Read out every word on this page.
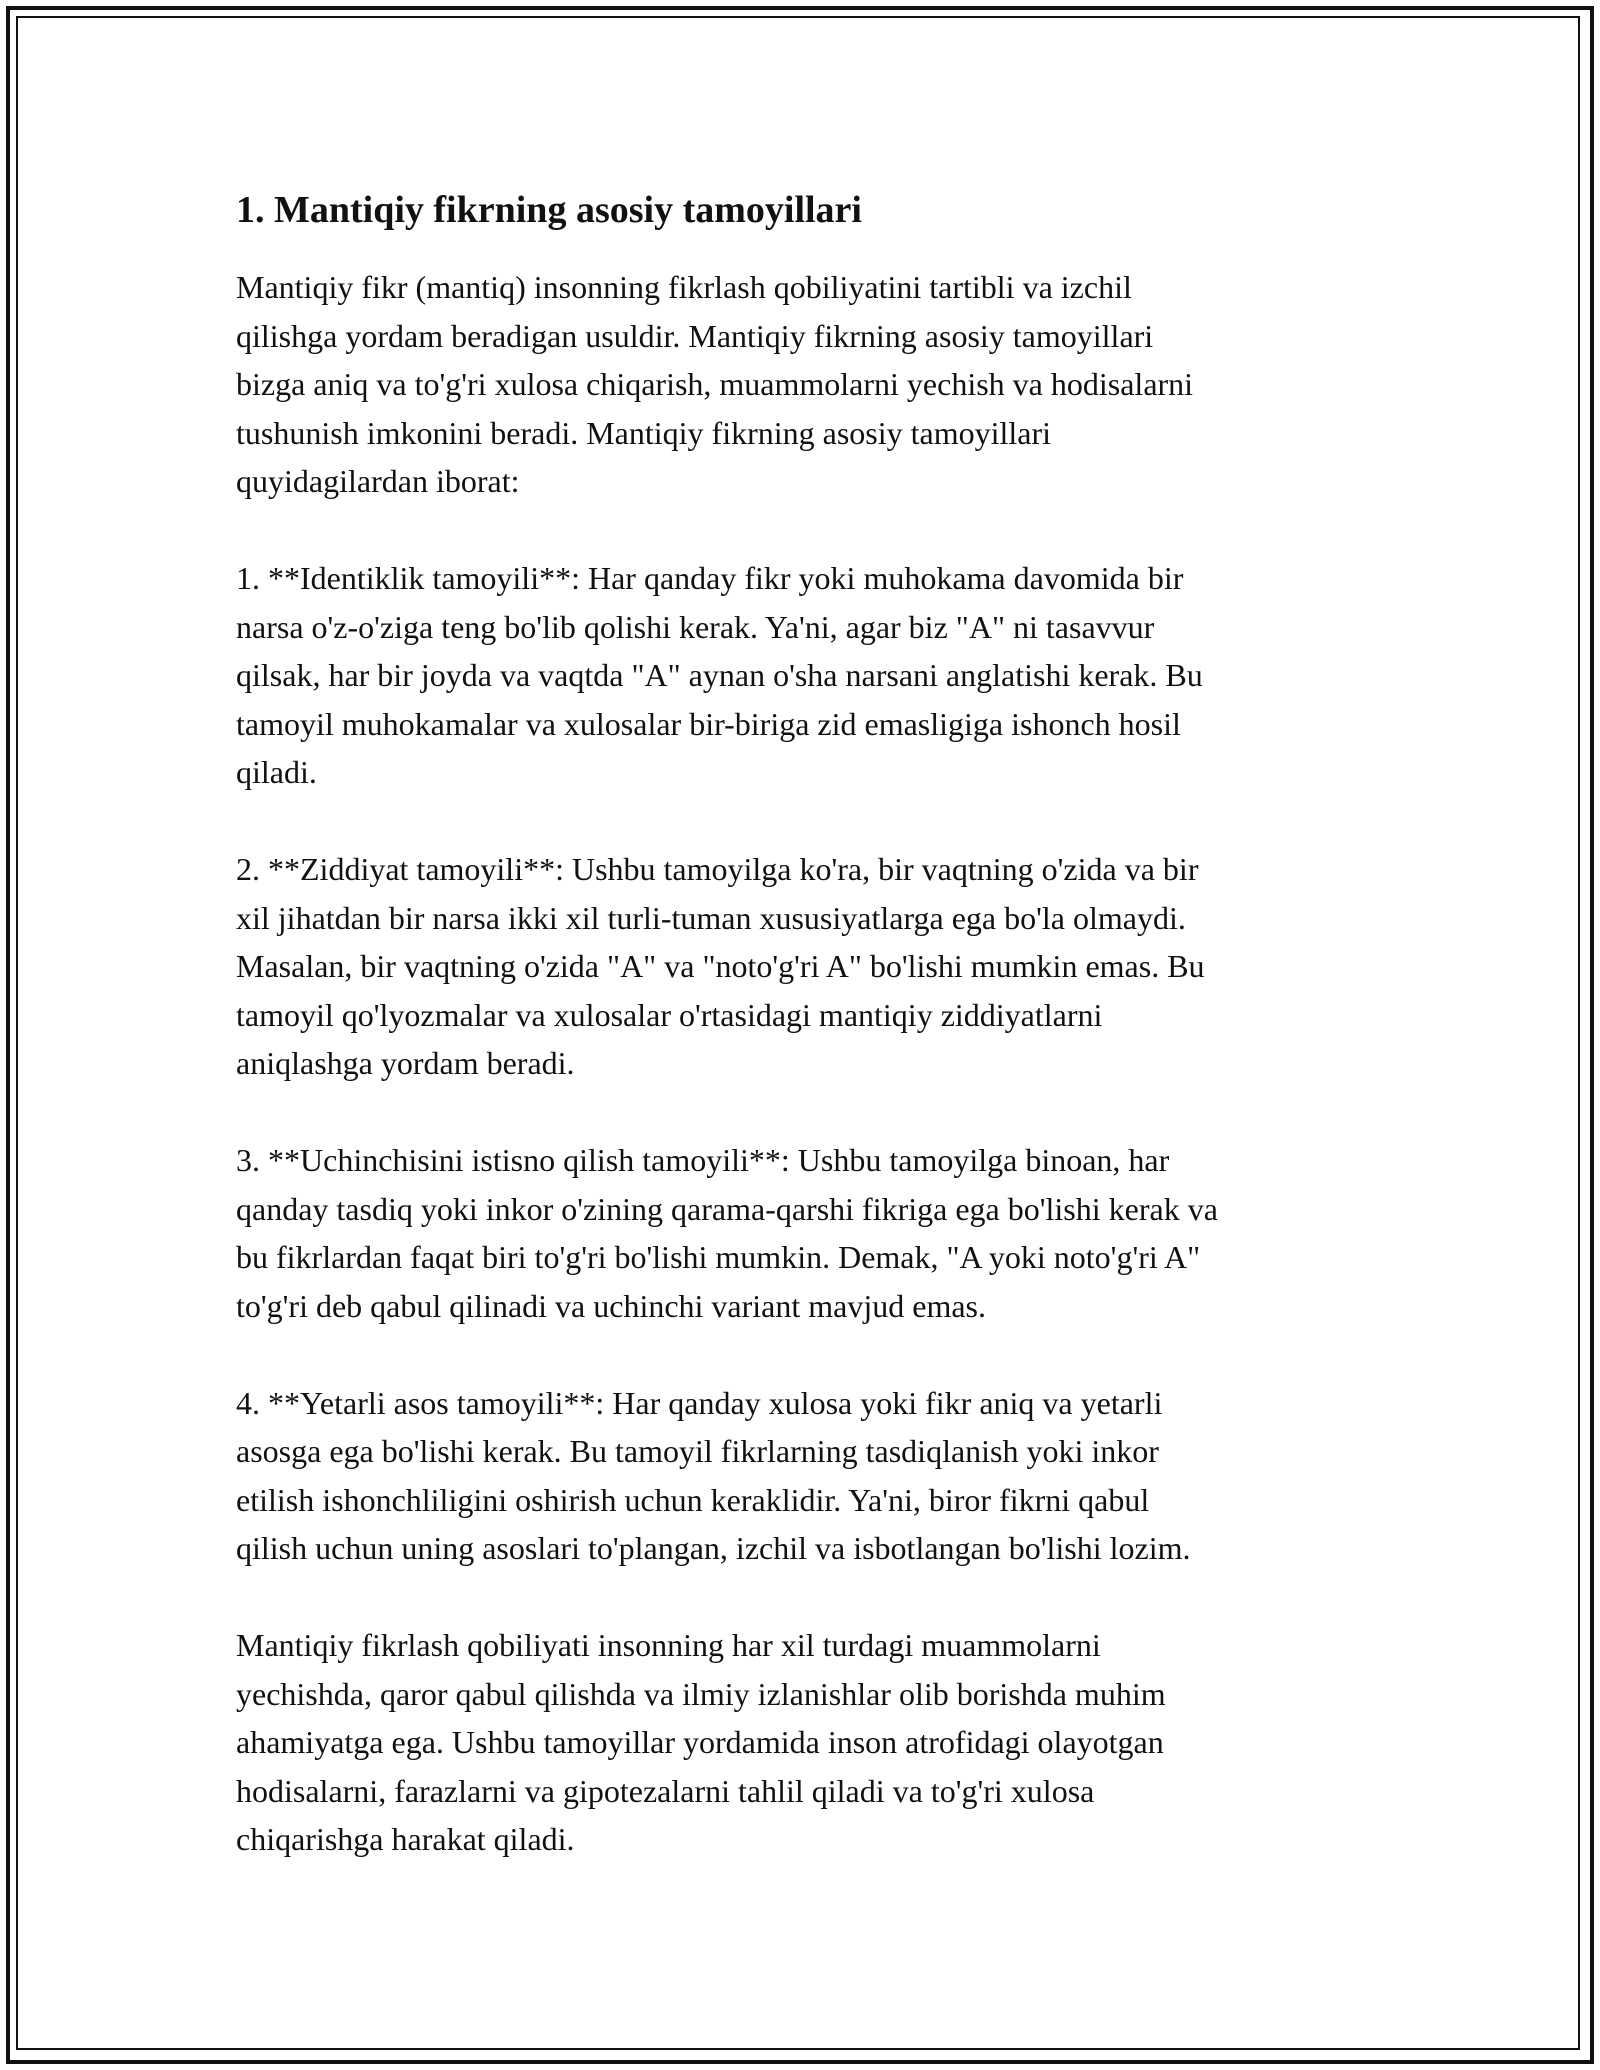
1. Mantiqiy fikrning asosiy tamoyillari

Mantiqiy fikr (mantiq) insonning fikrlash qobiliyatini tartibli va izchil
qilishga yordam beradigan usuldir. Mantiqiy fikrning asosiy tamoyillari
bizga aniq va to'g'ri xulosa chiqarish, muammolarni yechish va hodisalarni
tushunish imkonini beradi. Mantiqiy fikrning asosiy tamoyillari
quyidagilardan iborat:

1. **Identiklik tamoyili**: Har qanday fikr yoki muhokama davomida bir
narsa o'z-o'ziga teng bo'lib qolishi kerak. Ya'ni, agar biz "A" ni tasavvur
qilsak, har bir joyda va vaqtda "A" aynan o'sha narsani anglatishi kerak. Bu
tamoyil muhokamalar va xulosalar bir-biriga zid emasligiga ishonch hosil
qiladi.

2. **Ziddiyat tamoyili**: Ushbu tamoyilga ko'ra, bir vaqtning o'zida va bir
xil jihatdan bir narsa ikki xil turli-tuman xususiyatlarga ega bo'la olmaydi.
Masalan, bir vaqtning o'zida "A" va "noto'g'ri A" bo'lishi mumkin emas. Bu
tamoyil qo'lyozmalar va xulosalar o'rtasidagi mantiqiy ziddiyatlarni
aniqlashga yordam beradi.

3. **Uchinchisini istisno qilish tamoyili**: Ushbu tamoyilga binoan, har
qanday tasdiq yoki inkor o'zining qarama-qarshi fikriga ega bo'lishi kerak va
bu fikrlardan faqat biri to'g'ri bo'lishi mumkin. Demak, "A yoki noto'g'ri A"
to'g'ri deb qabul qilinadi va uchinchi variant mavjud emas.

4. **Yetarli asos tamoyili**: Har qanday xulosa yoki fikr aniq va yetarli
asosga ega bo'lishi kerak. Bu tamoyil fikrlarning tasdiqlanish yoki inkor
etilish ishonchliligini oshirish uchun keraklidir. Ya'ni, biror fikrni qabul
qilish uchun uning asoslari to'plangan, izchil va isbotlangan bo'lishi lozim.

Mantiqiy fikrlash qobiliyati insonning har xil turdagi muammolarni
yechishda, qaror qabul qilishda va ilmiy izlanishlar olib borishda muhim
ahamiyatga ega. Ushbu tamoyillar yordamida inson atrofidagi olayotgan
hodisalarni, farazlarni va gipotezalarni tahlil qiladi va to'g'ri xulosa
chiqarishga harakat qiladi.
